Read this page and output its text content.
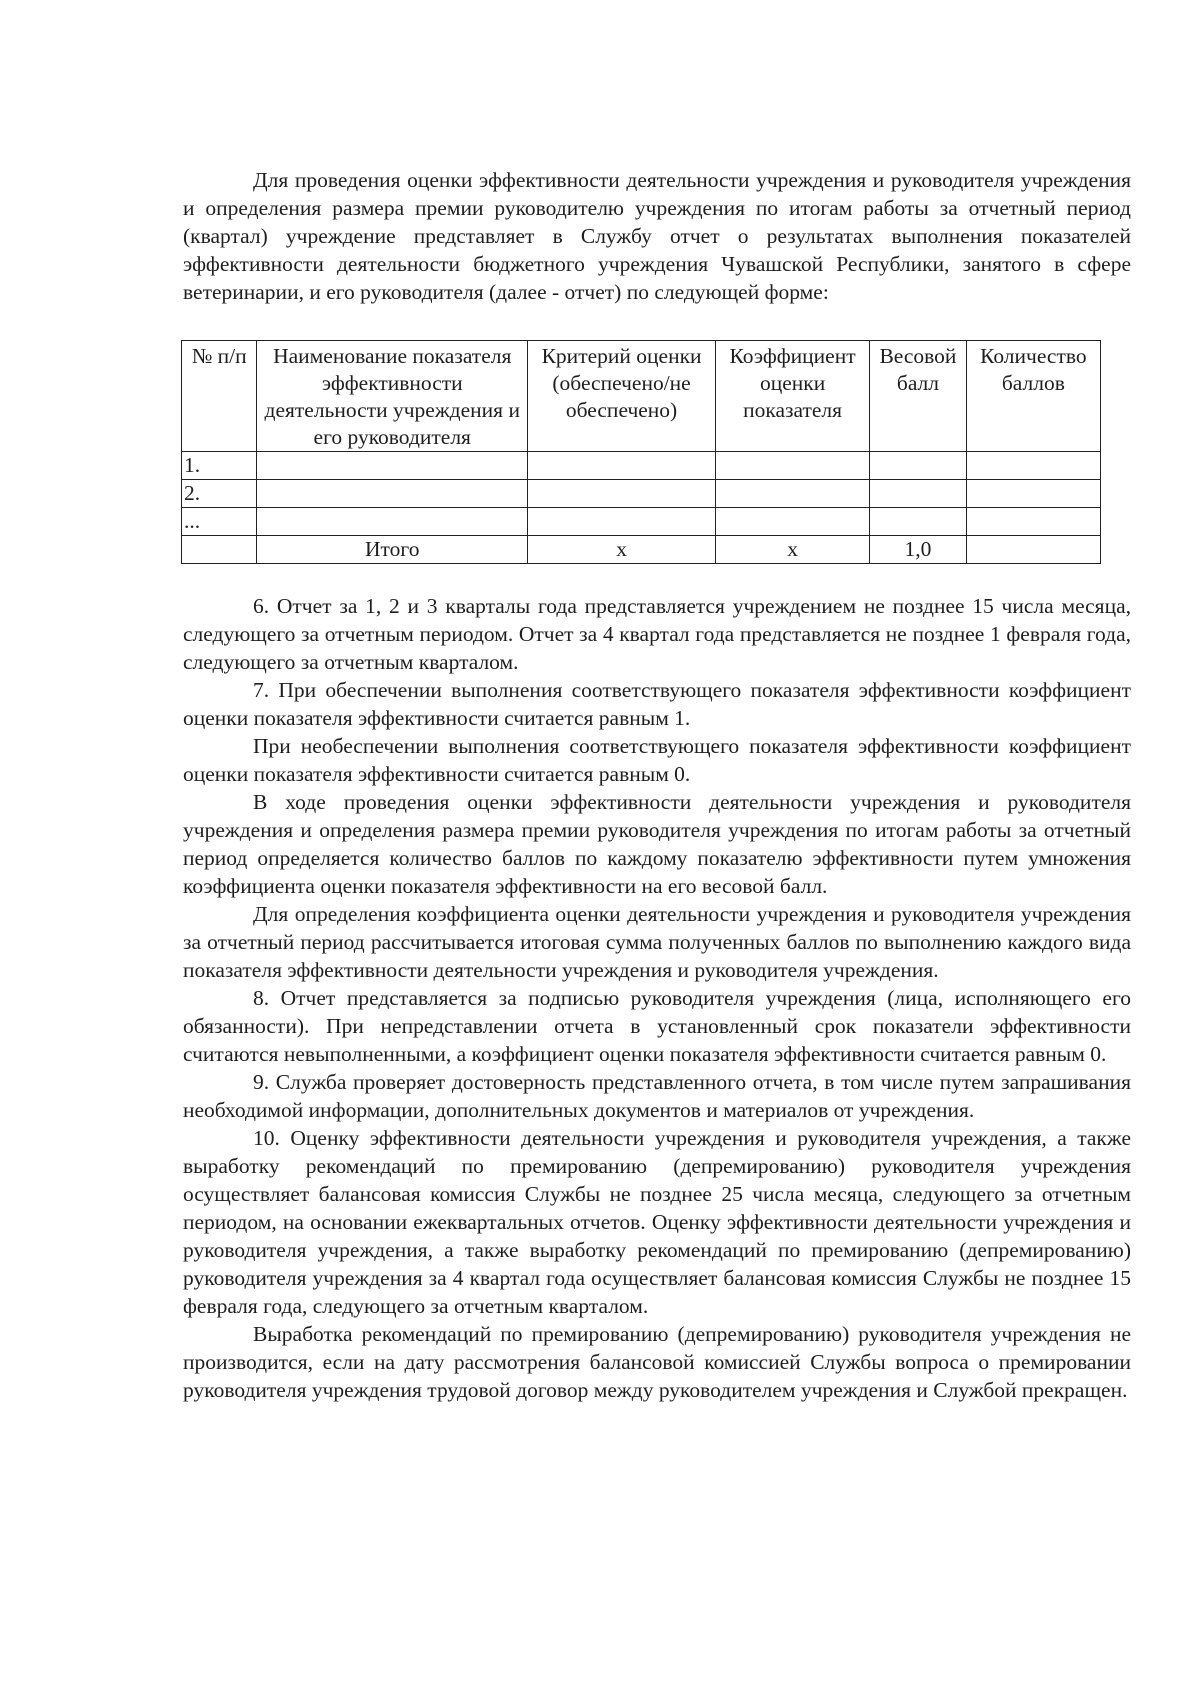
Для проведения оценки эффективности деятельности учреждения и руководителя учреждения и определения размера премии руководителю учреждения по итогам работы за отчетный период (квартал) учреждение представляет в Службу отчет о результатах выполнения показателей эффективности деятельности бюджетного учреждения Чувашской Республики, занятого в сфере ветеринарии, и его руководителя (далее - отчет) по следующей форме:

№ п/п	Наименование показателя эффективности деятельности учреждения и его руководителя	Критерий оценки (обеспечено/не обеспечено)	Коэффициент оценки показателя	Весовой балл	Количество баллов
1.					
2.					
...					
	Итого	x	x	1,0	

6. Отчет за 1, 2 и 3 кварталы года представляется учреждением не позднее 15 числа месяца, следующего за отчетным периодом. Отчет за 4 квартал года представляется не позднее 1 февраля года, следующего за отчетным кварталом.

7. При обеспечении выполнения соответствующего показателя эффективности коэффициент оценки показателя эффективности считается равным 1.

При необеспечении выполнения соответствующего показателя эффективности коэффициент оценки показателя эффективности считается равным 0.

В ходе проведения оценки эффективности деятельности учреждения и руководителя учреждения и определения размера премии руководителя учреждения по итогам работы за отчетный период определяется количество баллов по каждому показателю эффективности путем умножения коэффициента оценки показателя эффективности на его весовой балл.

Для определения коэффициента оценки деятельности учреждения и руководителя учреждения за отчетный период рассчитывается итоговая сумма полученных баллов по выполнению каждого вида показателя эффективности деятельности учреждения и руководителя учреждения.

8. Отчет представляется за подписью руководителя учреждения (лица, исполняющего его обязанности). При непредставлении отчета в установленный срок показатели эффективности считаются невыполненными, а коэффициент оценки показателя эффективности считается равным 0.

9. Служба проверяет достоверность представленного отчета, в том числе путем запрашивания необходимой информации, дополнительных документов и материалов от учреждения.

10. Оценку эффективности деятельности учреждения и руководителя учреждения, а также выработку рекомендаций по премированию (депремированию) руководителя учреждения осуществляет балансовая комиссия Службы не позднее 25 числа месяца, следующего за отчетным периодом, на основании ежеквартальных отчетов. Оценку эффективности деятельности учреждения и руководителя учреждения, а также выработку рекомендаций по премированию (депремированию) руководителя учреждения за 4 квартал года осуществляет балансовая комиссия Службы не позднее 15 февраля года, следующего за отчетным кварталом.

Выработка рекомендаций по премированию (депремированию) руководителя учреждения не производится, если на дату рассмотрения балансовой комиссией Службы вопроса о премировании руководителя учреждения трудовой договор между руководителем учреждения и Службой прекращен.
